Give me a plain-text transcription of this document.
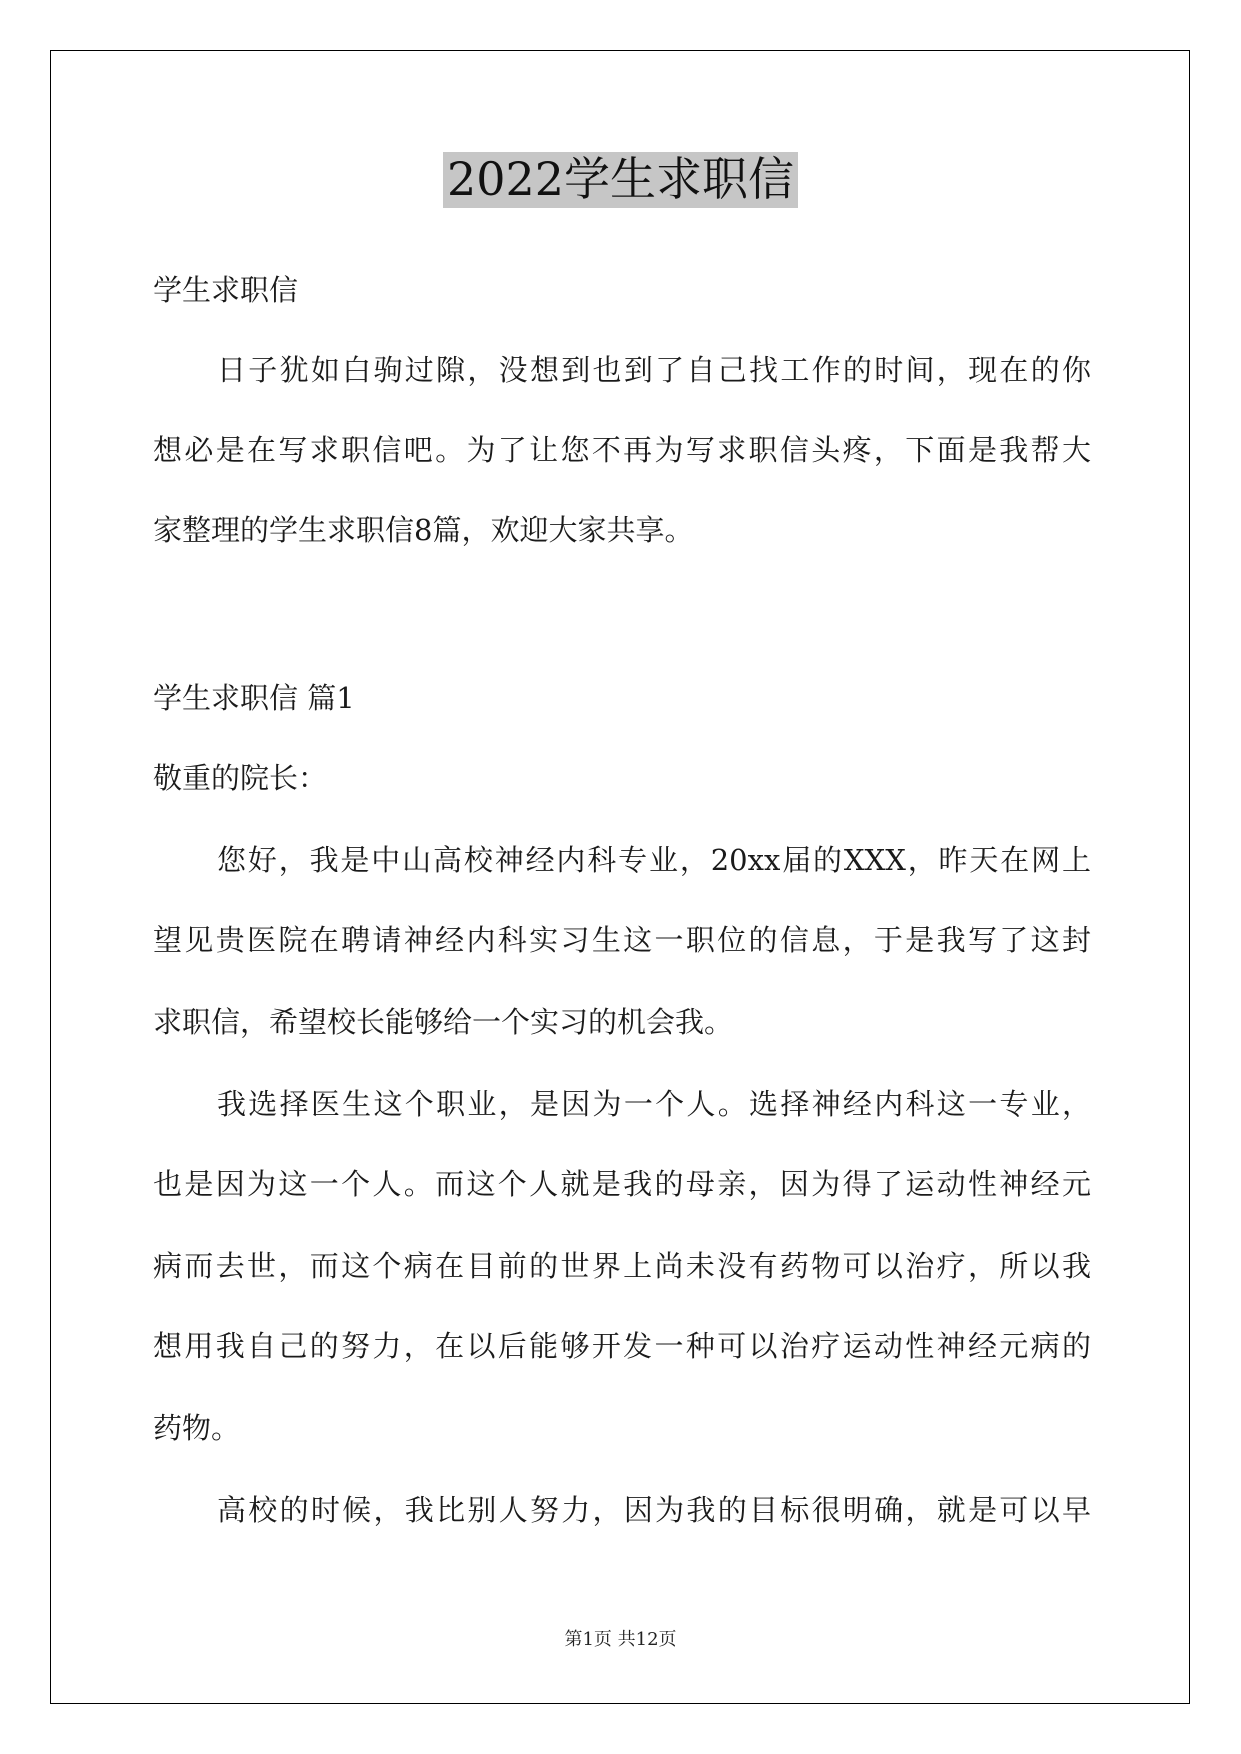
2022学生求职信
学生求职信
日子犹如白驹过隙，没想到也到了自己找工作的时间，现在的你
想必是在写求职信吧。为了让您不再为写求职信头疼，下面是我帮大
家整理的学生求职信8篇，欢迎大家共享。
学生求职信 篇1
敬重的院长：
您好，我是中山高校神经内科专业，20xx届的XXX，昨天在网上
望见贵医院在聘请神经内科实习生这一职位的信息，于是我写了这封
求职信，希望校长能够给一个实习的机会我。
我选择医生这个职业，是因为一个人。选择神经内科这一专业，
也是因为这一个人。而这个人就是我的母亲，因为得了运动性神经元
病而去世，而这个病在目前的世界上尚未没有药物可以治疗，所以我
想用我自己的努力，在以后能够开发一种可以治疗运动性神经元病的
药物。
高校的时候，我比别人努力，因为我的目标很明确，就是可以早
第1页 共12页
